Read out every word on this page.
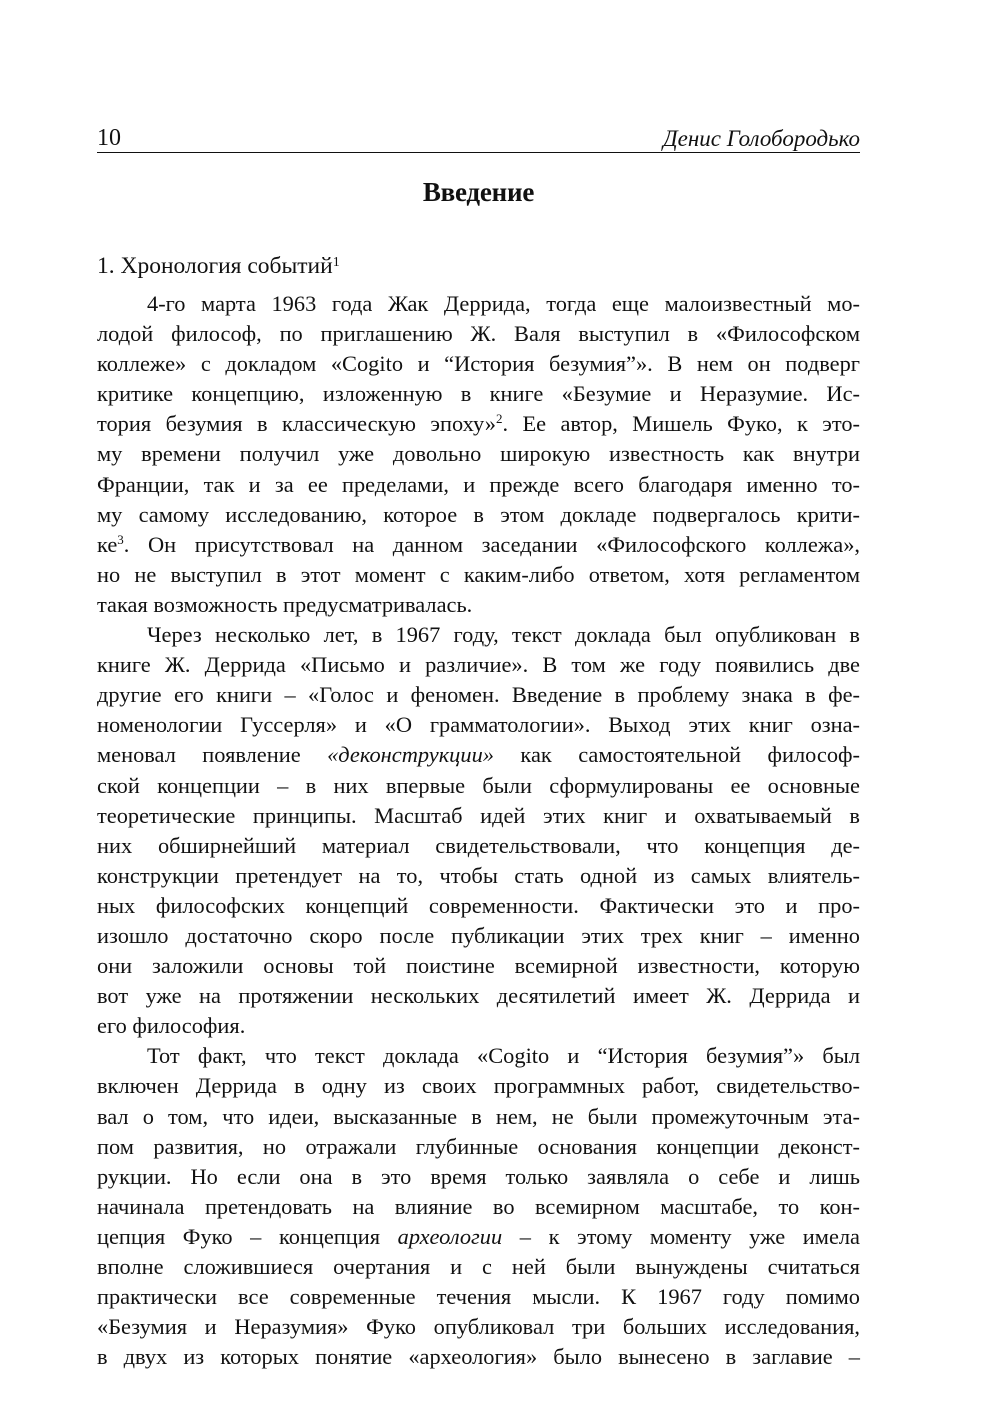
10	Денис Голобородько
Введение
1. Хронология событий$^1$
4-го марта 1963 года Жак Деррида, тогда еще малоизвестный мо-
лодой философ, по приглашению Ж. Валя выступил в «Философском
коллеже» с докладом «Cogito и “История безумия”». В нем он подверг
критике концепцию, изложенную в книге «Безумие и Неразумие. Ис-
тория безумия в классическую эпоху»$^2$. Ее автор, Мишель Фуко, к это-
му времени получил уже довольно широкую известность как внутри
Франции, так и за ее пределами, и прежде всего благодаря именно то-
му самому исследованию, которое в этом докладе подвергалось крити-
$ке^3$. Он присутствовал на данном заседании «Философского коллежа»,
но не выступил в этот момент с каким-либо ответом, хотя регламентом
такая возможность предусматривалась.
Через несколько лет, в 1967 году, текст доклада был опубликован в
книге Ж. Деррида «Письмо и различие». В том же году появились две
другие его книги – «Голос и феномен. Введение в проблему знака в фе-
номенологии Гуссерля» и «О грамматологии». Выход этих книг озна-
меновал появление «деконструкции» как самостоятельной философ-
ской концепции – в них впервые были сформулированы ее основные
теоретические принципы. Масштаб идей этих книг и охватываемый в
них обширнейший материал свидетельствовали, что концепция де-
конструкции претендует на то, чтобы стать одной из самых влиятель-
ных философских концепций современности. Фактически это и про-
изошло достаточно скоро после публикации этих трех книг – именно
они заложили основы той поистине всемирной известности, которую
вот уже на протяжении нескольких десятилетий имеет Ж. Деррида и
его философия.
Тот факт, что текст доклада «Cogito и “История безумия”» был
включен Деррида в одну из своих программных работ, свидетельство-
вал о том, что идеи, высказанные в нем, не были промежуточным эта-
пом развития, но отражали глубинные основания концепции деконст-
рукции. Но если она в это время только заявляла о себе и лишь
начинала претендовать на влияние во всемирном масштабе, то кон-
цепция Фуко – концепция археологии – к этому моменту уже имела
вполне сложившиеся очертания и с ней были вынуждены считаться
практически все современные течения мысли. К 1967 году помимо
«Безумия и Неразумия» Фуко опубликовал три больших исследования,
в двух из которых понятие «археология» было вынесено в заглавие –
